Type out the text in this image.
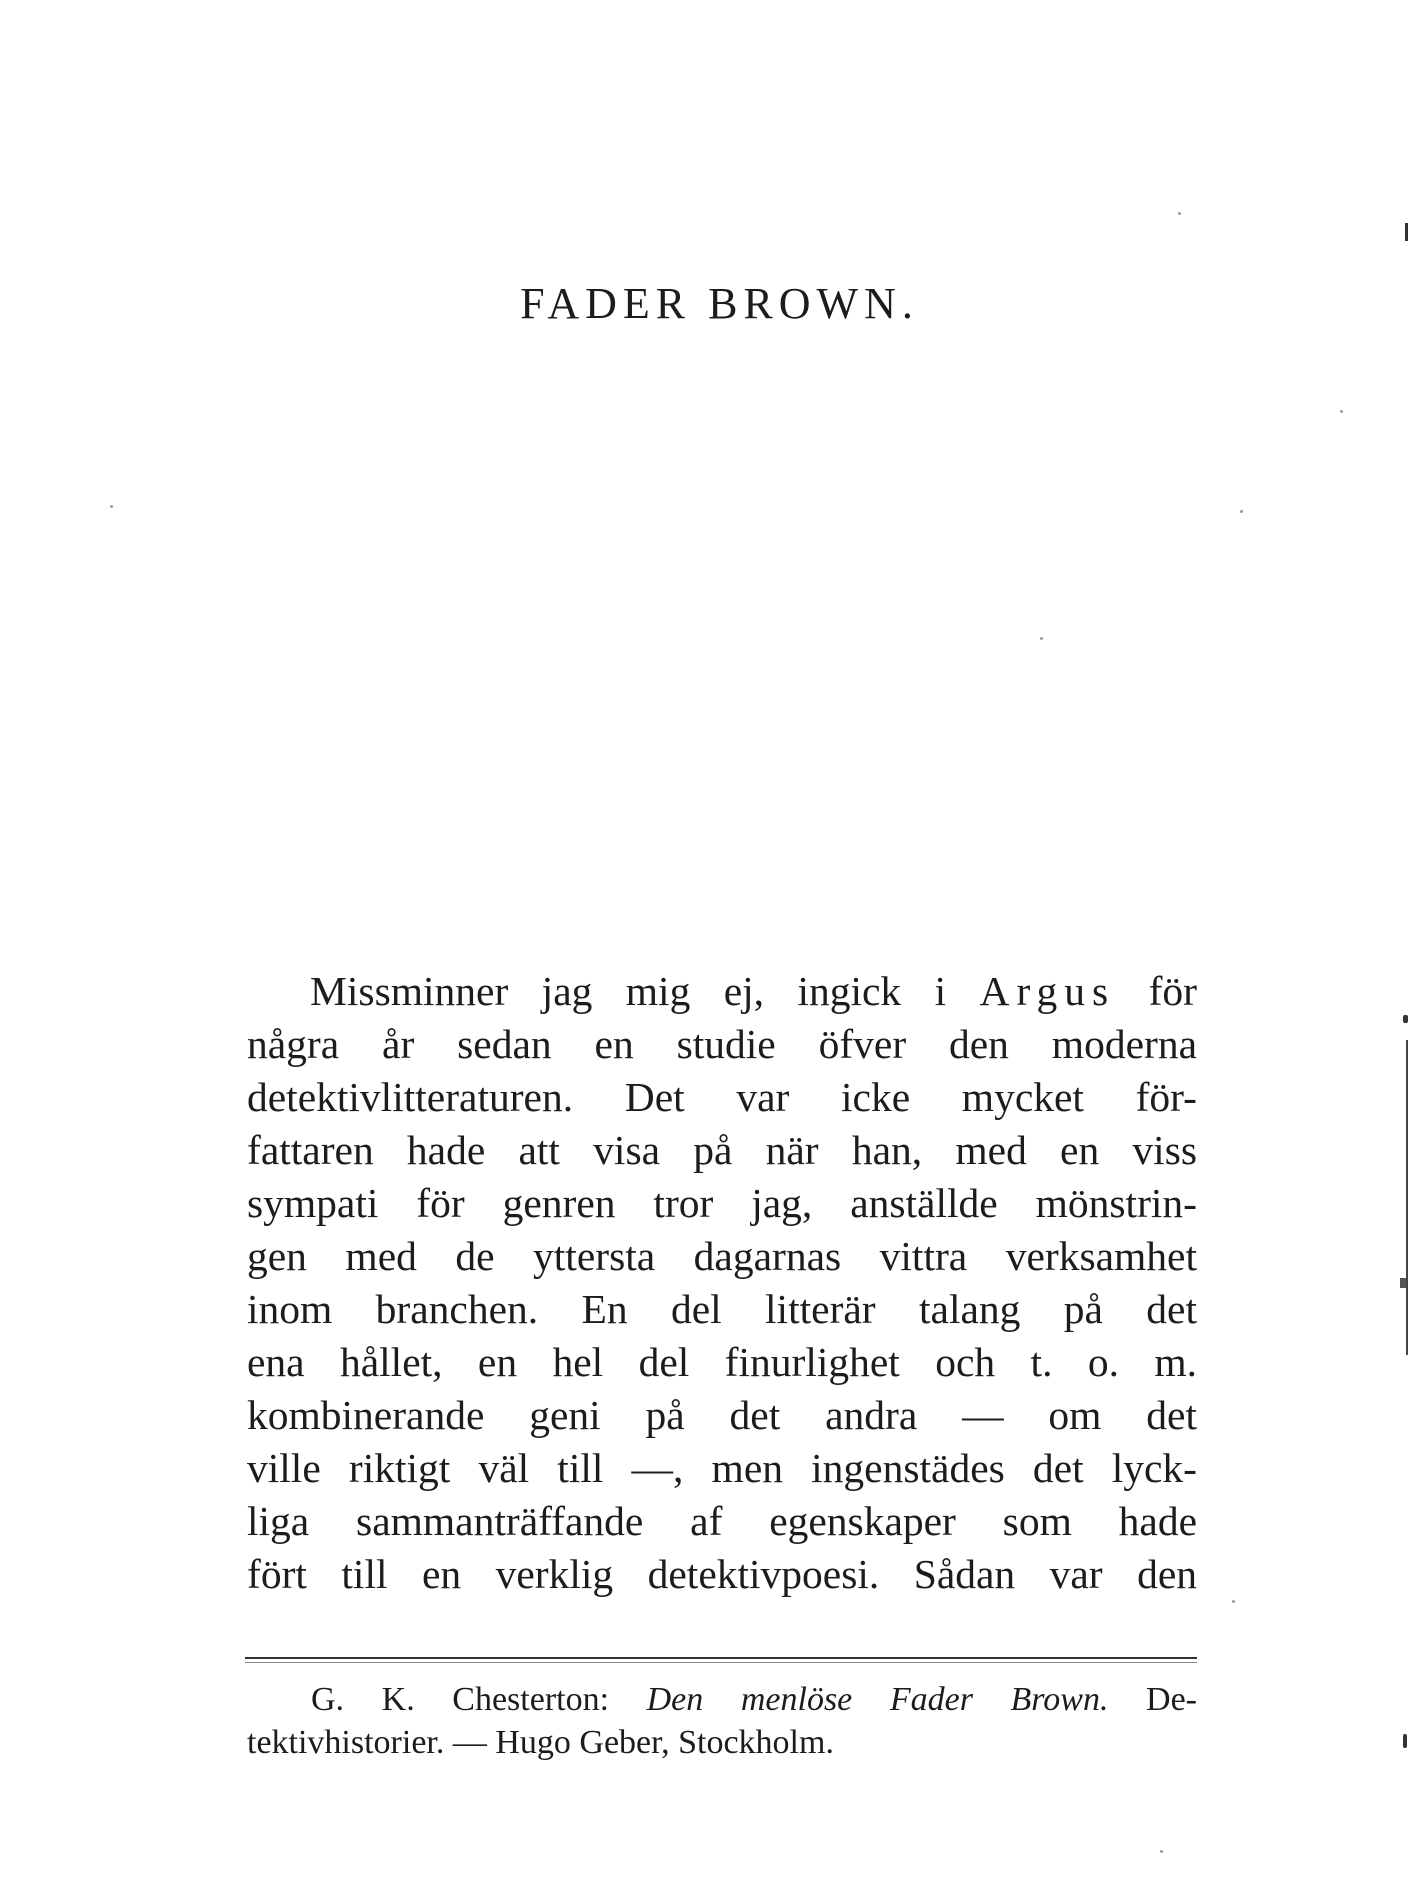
FADER BROWN.
Missminner jag mig ej, ingick i Argus för
några år sedan en studie öfver den moderna
detektivlitteraturen. Det var icke mycket för-
fattaren hade att visa på när han, med en viss
sympati för genren tror jag, anställde mönstrin-
gen med de yttersta dagarnas vittra verksamhet
inom branchen. En del litterär talang på det
ena hållet, en hel del finurlighet och t. o. m.
kombinerande geni på det andra — om det
ville riktigt väl till —, men ingenstädes det lyck-
liga sammanträffande af egenskaper som hade
fört till en verklig detektivpoesi. Sådan var den
G. K. Chesterton: Den menlöse Fader Brown. De-
tektivhistorier. — Hugo Geber, Stockholm.
